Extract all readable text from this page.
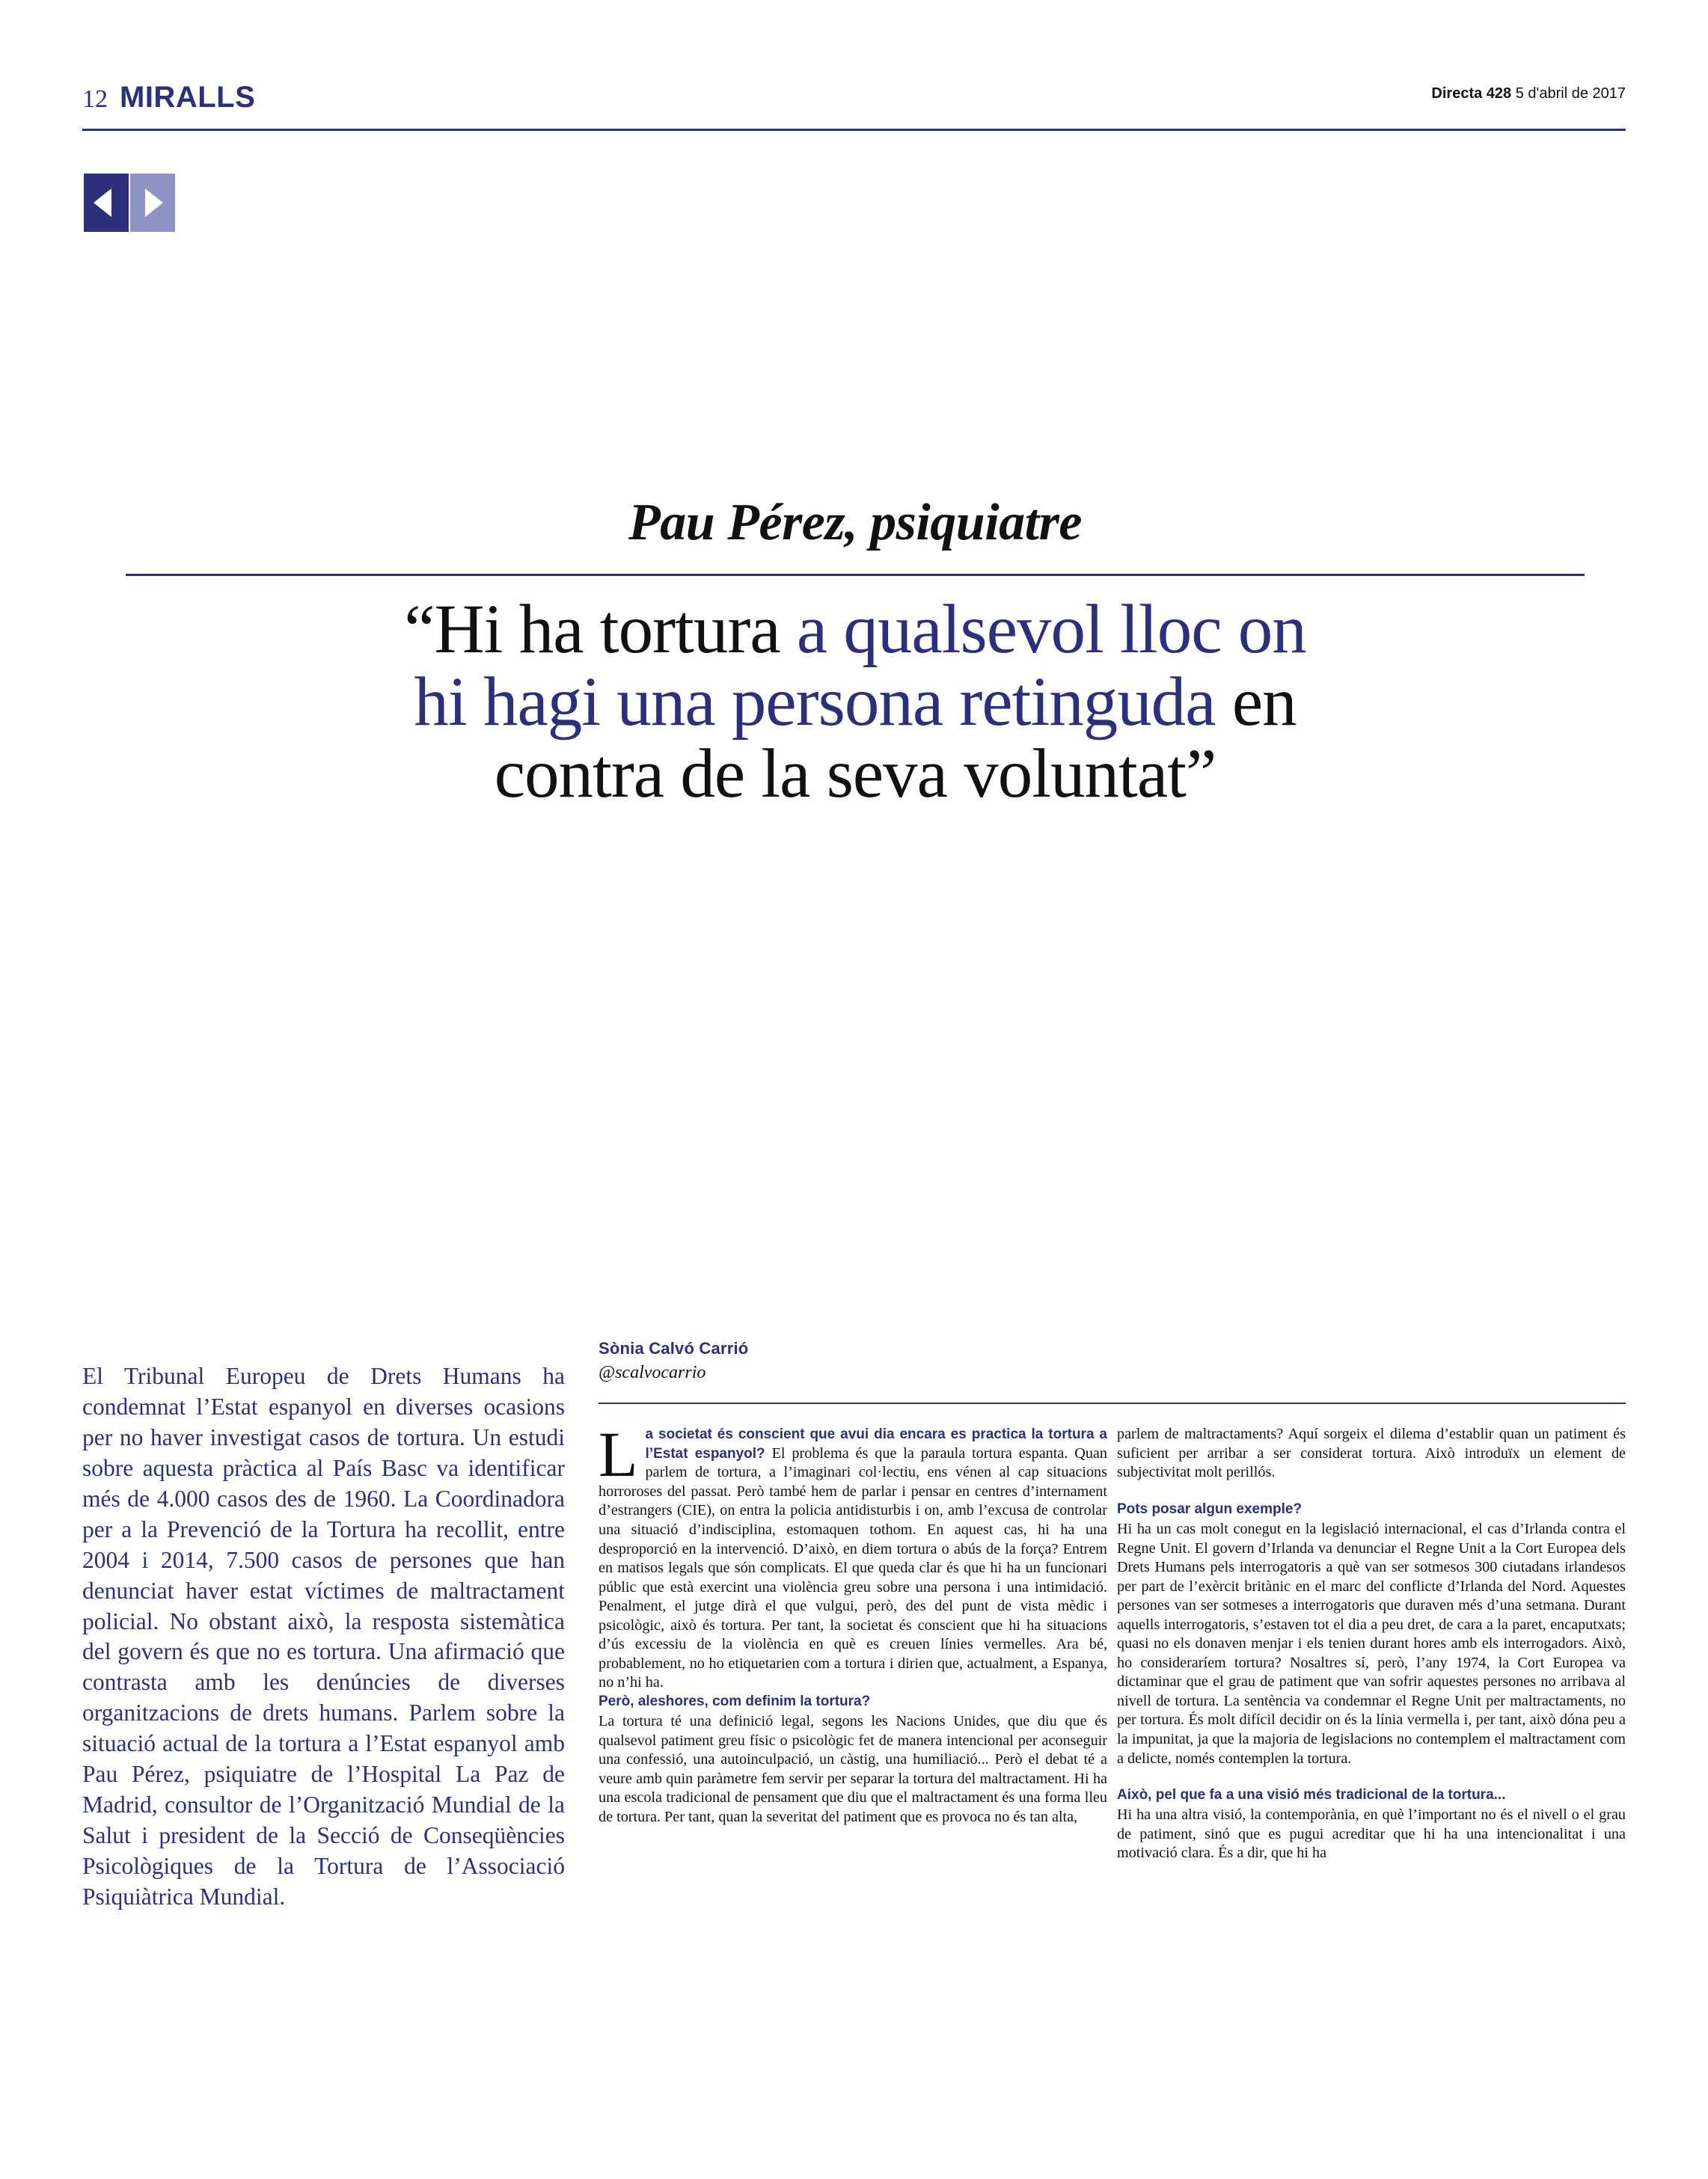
12 MIRALLS	Directa 428 5 d'abril de 2017
Pau Pérez, psiquiatre
“Hi ha tortura a qualsevol lloc on
hi hagi una persona retinguda en
contra de la seva voluntat”
El Tribunal Europeu de Drets Humans ha condemnat l’Estat espanyol en diverses ocasions per no haver investigat casos de tortura. Un estudi sobre aquesta pràctica al País Basc va identificar més de 4.000 casos des de 1960. La Coordinadora per a la Prevenció de la Tortura ha recollit, entre 2004 i 2014, 7.500 casos de persones que han denunciat haver estat víctimes de maltractament policial. No obstant això, la resposta sistemàtica del govern és que no es tortura. Una afirmació que contrasta amb les denúncies de diverses organitzacions de drets humans. Parlem sobre la situació actual de la tortura a l’Estat espanyol amb Pau Pérez, psiquiatre de l’Hospital La Paz de Madrid, consultor de l’Organització Mundial de la Salut i president de la Secció de Conseqüències Psicològiques de la Tortura de l’Associació Psiquiàtrica Mundial.
Sònia Calvó Carrió
@scalvocarrio
L a societat és conscient que avui dia encara es practica la tortura a l’Estat espanyol? El problema és que la paraula tortura espanta. Quan parlem de tortura, a l’imaginari col·lectiu, ens vénen al cap situacions horroroses del passat. Però també hem de parlar i pensar en centres d’internament d’estrangers (CIE), on entra la policia antidisturbis i on, amb l’excusa de controlar una situació d’indisciplina, estomaquen tothom. En aquest cas, hi ha una desproporció en la intervenció. D’això, en diem tortura o abús de la força? Entrem en matisos legals que són complicats. El que queda clar és que hi ha un funcionari públic que està exercint una violència greu sobre una persona i una intimidació. Penalment, el jutge dirà el que vulgui, però, des del punt de vista mèdic i psicològic, això és tortura. Per tant, la societat és conscient que hi ha situacions d’ús excessiu de la violència en què es creuen línies vermelles. Ara bé, probablement, no ho etiquetarien com a tortura i dirien que, actualment, a Espanya, no n’hi ha.
Però, aleshores, com definim la tortura?
La tortura té una definició legal, segons les Nacions Unides, que diu que és qualsevol patiment greu físic o psicològic fet de manera intencional per aconseguir una confessió, una autoinculpació, un càstig, una humiliació... Però el debat té a veure amb quin paràmetre fem servir per separar la tortura del maltractament. Hi ha una escola tradicional de pensament que diu que el maltractament és una forma lleu de tortura. Per tant, quan la severitat del patiment que es provoca no és tan alta,
parlem de maltractaments? Aquí sorgeix el dilema d’establir quan un patiment és suficient per arribar a ser considerat tortura. Això introduïx un element de subjectivitat molt perillós.
Pots posar algun exemple?
Hi ha un cas molt conegut en la legislació internacional, el cas d’Irlanda contra el Regne Unit. El govern d’Irlanda va denunciar el Regne Unit a la Cort Europea dels Drets Humans pels interrogatoris a què van ser sotmesos 300 ciutadans irlandesos per part de l’exèrcit britànic en el marc del conflicte d’Irlanda del Nord. Aquestes persones van ser sotmeses a interrogatoris que duraven més d’una setmana. Durant aquells interrogatoris, s’estaven tot el dia a peu dret, de cara a la paret, encaputxats; quasi no els donaven menjar i els tenien durant hores amb els interrogadors. Això, ho consideraríem tortura? Nosaltres sí, però, l’any 1974, la Cort Europea va dictaminar que el grau de patiment que van sofrir aquestes persones no arribava al nivell de tortura. La sentència va condemnar el Regne Unit per maltractaments, no per tortura. És molt difícil decidir on és la línia vermella i, per tant, això dóna peu a la impunitat, ja que la majoria de legislacions no contemplem el maltractament com a delicte, només contemplen la tortura.
Això, pel que fa a una visió més tradicional de la tortura...
Hi ha una altra visió, la contemporània, en què l’important no és el nivell o el grau de patiment, sinó que es pugui acreditar que hi ha una intencionalitat i una motivació clara. És a dir, que hi ha
